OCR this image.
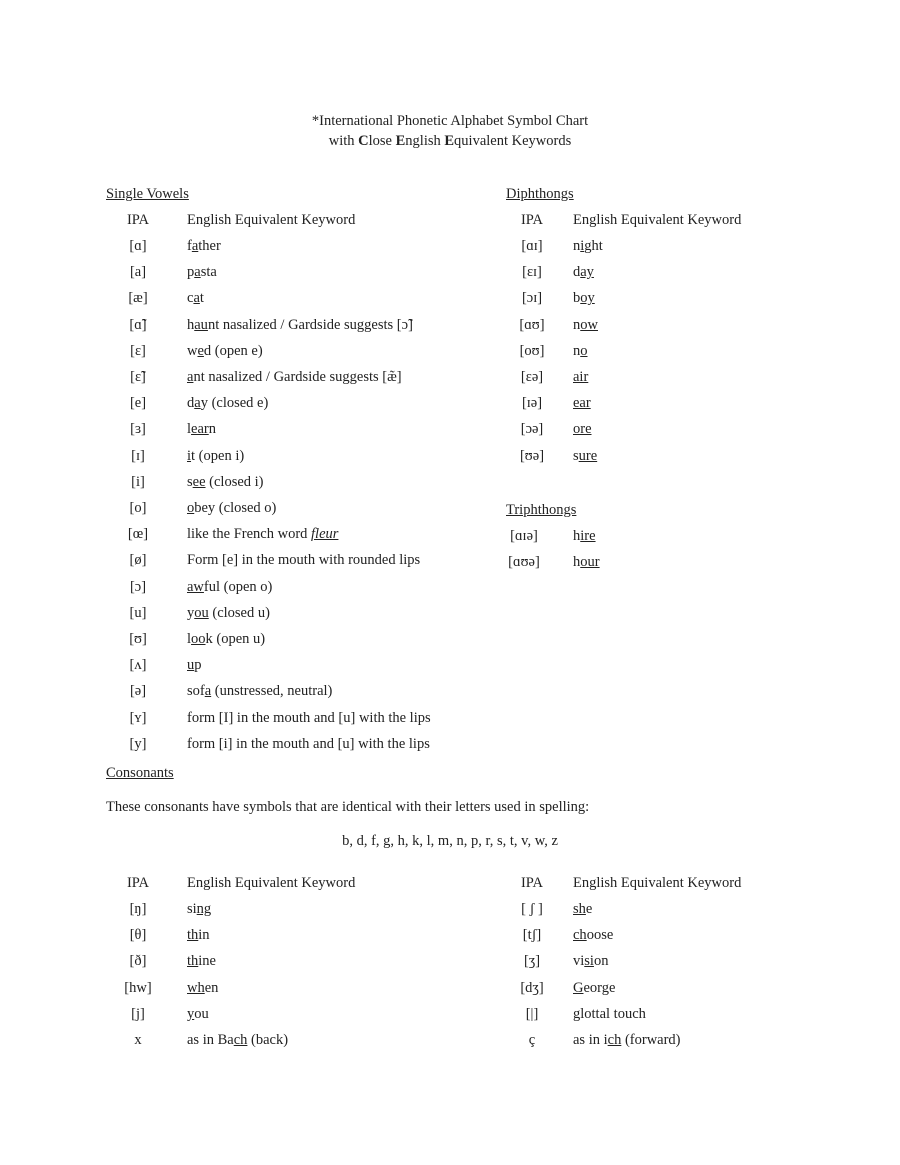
*International Phonetic Alphabet Symbol Chart
with Close English Equivalent Keywords
Single Vowels	Diphthongs
Triphthongs
Consonants
IPA	English Equivalent Keyword	IPA	English Equivalent Keyword
These consonants have symbols that are identical with their letters used in spelling:
b, d, f, g, h, k, l, m, n, p, r, s, t, v, w, z
IPA	English Equivalent Keyword	IPA	English Equivalent Keyword
[ɑ]	father
[a]	pasta
[æ]	cat
[ɑ̃]	haunt nasalized / Gardside suggests [ɔ̃]
[ɛ]	wed (open e)
[ɛ̃]	ant nasalized / Gardside suggests [æ̃]
[e]	day (closed e)
[ɜ]	learn
[ɪ]	it (open i)
[i]	see (closed i)
[o]	obey (closed o)
[œ]	like the French word fleur
[ø]	Form [e] in the mouth with rounded lips
[ɔ]	awful (open o)
[u]	you (closed u)
[ʊ]	look (open u)
[ʌ]	up
[ə]	sofa (unstressed, neutral)
[ʏ]	form [I] in the mouth and [u] with the lips
[y]	form [i] in the mouth and [u] with the lips
[ɑɪ]	night
[ɛɪ]	day
[ɔɪ]	boy
[ɑʊ]	now
[oʊ]	no
[ɛə]	air
[ɪə]	ear
[ɔə]	ore
[ʊə]	sure
[ɑɪə]	hire
[ɑʊə]	hour
[ŋ]	sing
[θ]	thin
[ð]	thine
[hw]	when
[j]	you
x	as in Bach (back)
[ ʃ ]	she
[tʃ]	choose
[ʒ]	vision
[dʒ]	George
[|]	glottal touch
ç	as in ich (forward)
